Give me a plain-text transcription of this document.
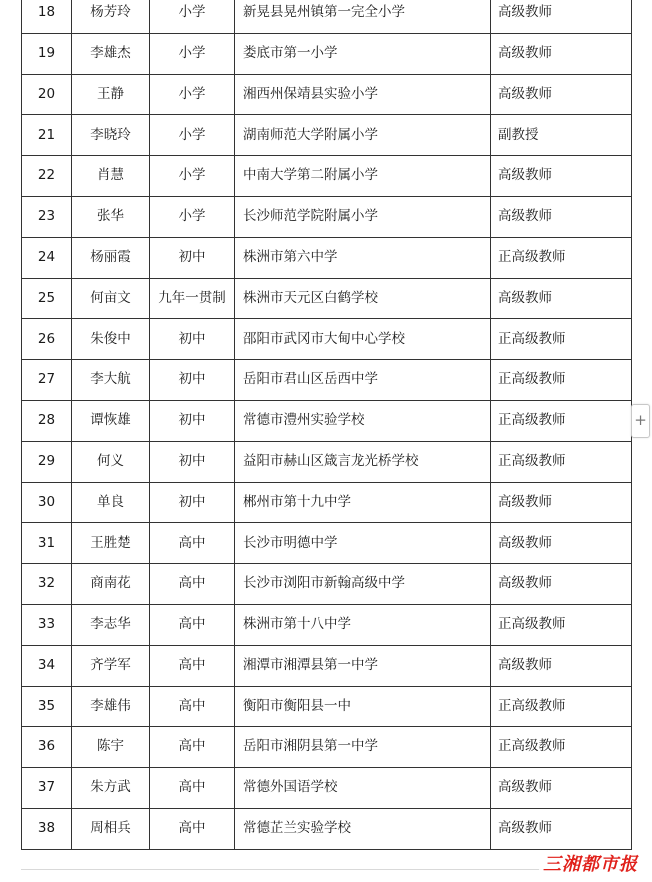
18	杨芳玲	小学	新晃县晃州镇第一完全小学	高级教师
19	李雄杰	小学	娄底市第一小学	高级教师
20	王静	小学	湘西州保靖县实验小学	高级教师
21	李晓玲	小学	湖南师范大学附属小学	副教授
22	肖慧	小学	中南大学第二附属小学	高级教师
23	张华	小学	长沙师范学院附属小学	高级教师
24	杨丽霞	初中	株洲市第六中学	正高级教师
25	何亩文	九年一贯制	株洲市天元区白鹤学校	高级教师
26	朱俊中	初中	邵阳市武冈市大甸中心学校	正高级教师
27	李大航	初中	岳阳市君山区岳西中学	正高级教师
28	谭恢雄	初中	常德市澧州实验学校	正高级教师
29	何义	初中	益阳市赫山区箴言龙光桥学校	正高级教师
30	单良	初中	郴州市第十九中学	高级教师
31	王胜楚	高中	长沙市明德中学	高级教师
32	商南花	高中	长沙市浏阳市新翰高级中学	高级教师
33	李志华	高中	株洲市第十八中学	正高级教师
34	齐学军	高中	湘潭市湘潭县第一中学	高级教师
35	李雄伟	高中	衡阳市衡阳县一中	正高级教师
36	陈宇	高中	岳阳市湘阴县第一中学	正高级教师
37	朱方武	高中	常德外国语学校	高级教师
38	周相兵	高中	常德芷兰实验学校	高级教师
+
三湘都市报
